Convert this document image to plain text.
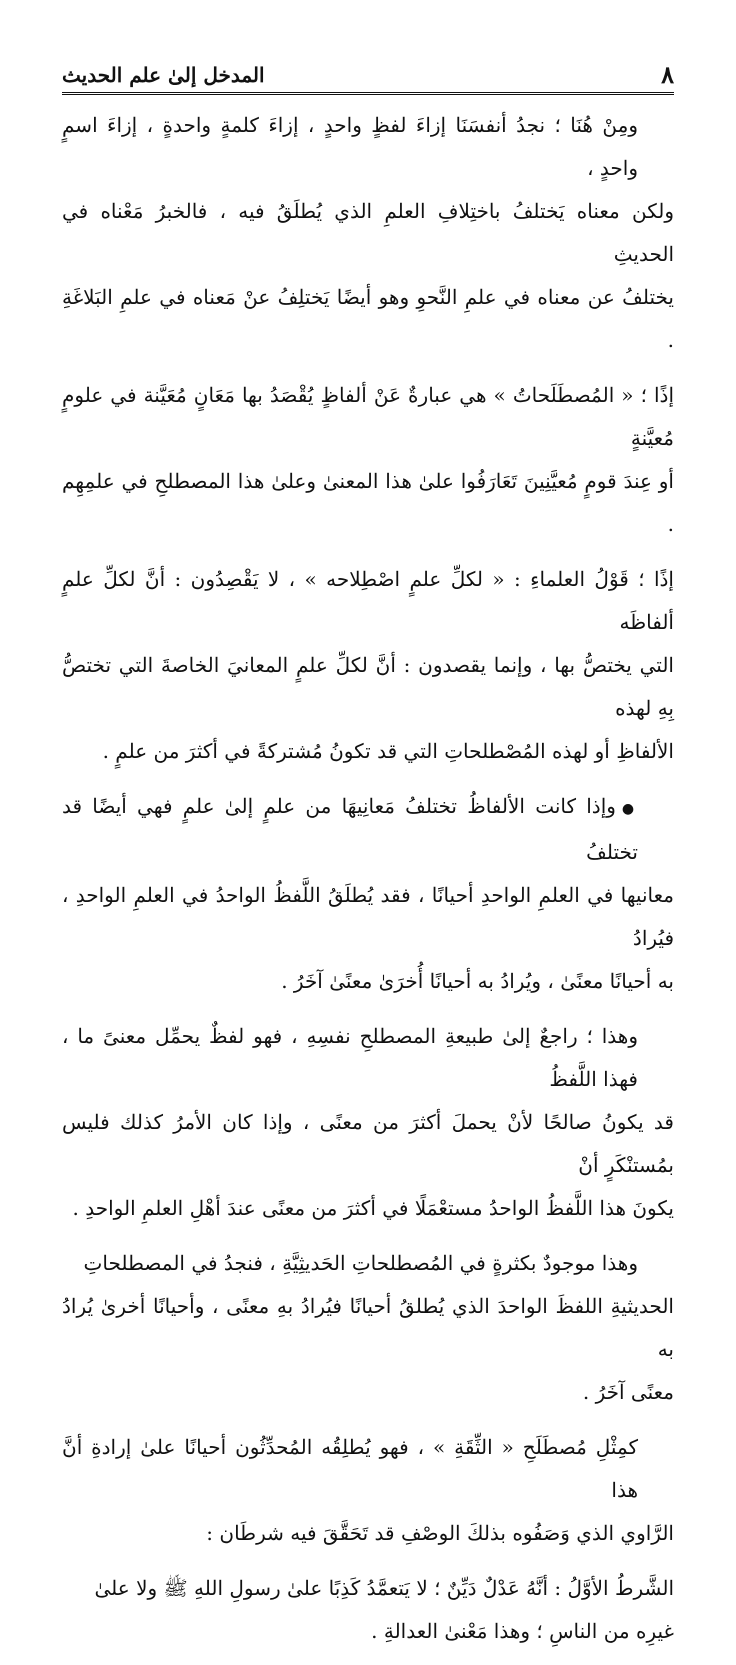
٨
المدخل إلىٰ علم الحديث
ومِنْ هُنَا ؛ نجدُ أنفسَنَا إزاءَ لفظٍ واحدٍ ، إزاءَ كلمةٍ واحدةٍ ، إزاءَ اسمٍ واحدٍ ،
ولكن معناه يَختلفُ باختِلافِ العلمِ الذي يُطلَقُ فيه ، فالخبرُ مَعْناه في الحديثِ
يختلفُ عن معناه في علمِ النَّحوِ وهو أيضًا يَختلِفُ عنْ مَعناه في علمِ البَلاغَةِ .
إذًا ؛ « المُصطَلَحاتُ » هي عبارةٌ عَنْ ألفاظٍ يُقْصَدُ بها مَعَانٍ مُعَيَّنة في علومٍ مُعيَّنةٍ
أو عِندَ قومٍ مُعيَّنِينَ تَعَارَفُوا علىٰ هذا المعنىٰ وعلىٰ هذا المصطلحِ في علمِهِم .
إذًا ؛ قَوْلُ العلماءِ : « لكلِّ علمٍ اصْطِلاحه » ، لا يَقْصِدُون : أنَّ لكلِّ علمٍ ألفاظَه
التي يختصُّ بها ، وإنما يقصدون : أنَّ لكلِّ علمٍ المعانيَ الخاصةَ التي تختصُّ بِهِ لهذه
الألفاظِ أو لهذه المُصْطلحاتِ التي قد تكونُ مُشتركةً في أكثرَ من علمٍ .
●وإذا كانت الألفاظُ تختلفُ مَعانِيهَا من علمٍ إلىٰ علمٍ فهي أيضًا قد تختلفُ
معانيها في العلمِ الواحدِ أحيانًا ، فقد يُطلَقُ اللَّفظُ الواحدُ في العلمِ الواحدِ ، فيُرادُ
به أحيانًا معنًىٰ ، ويُرادُ به أحيانًا أُخرَىٰ معنًىٰ آخَرُ .
وهذا ؛ راجعٌ إلىٰ طبيعةِ المصطلحِ نفسِهِ ، فهو لفظٌ يحمِّل معنىً ما ، فهذا اللَّفظُ
قد يكونُ صالحًا لأنْ يحملَ أكثرَ من معنًى ، وإذا كان الأمرُ كذلك فليس بمُستنْكَرٍ أنْ
يكونَ هذا اللَّفظُ الواحدُ مستعْمَلًا في أكثرَ من معنًى عندَ أهْلِ العلمِ الواحدِ .
وهذا موجودٌ بكثرةٍ في المُصطلحاتِ الحَديثِيَّةِ ، فنجدُ في المصطلحاتِ
الحديثيةِ اللفظَ الواحدَ الذي يُطلقُ أحيانًا فيُرادُ بهِ معنًى ، وأحيانًا أخرىٰ يُرادُ به
معنًى آخَرُ .
كمِثْلِ مُصطَلَحِ « الثِّقَةِ » ، فهو يُطلِقُه المُحدِّثُون أحيانًا علىٰ إرادةِ أنَّ هذا
الرَّاوي الذي وَصَفُوه بذلكَ الوصْفِ قد تَحَقَّقَ فيه شرطَان :
الشَّرطُ الأوَّلُ : أنَّهُ عَدْلٌ دَيِّنٌ ؛ لا يَتعمَّدُ كَذِبًا علىٰ رسولِ اللهِ ﷺ ولا علىٰ
غيرِه من الناسِ ؛ وهذا مَعْنىٰ العدالةِ .
